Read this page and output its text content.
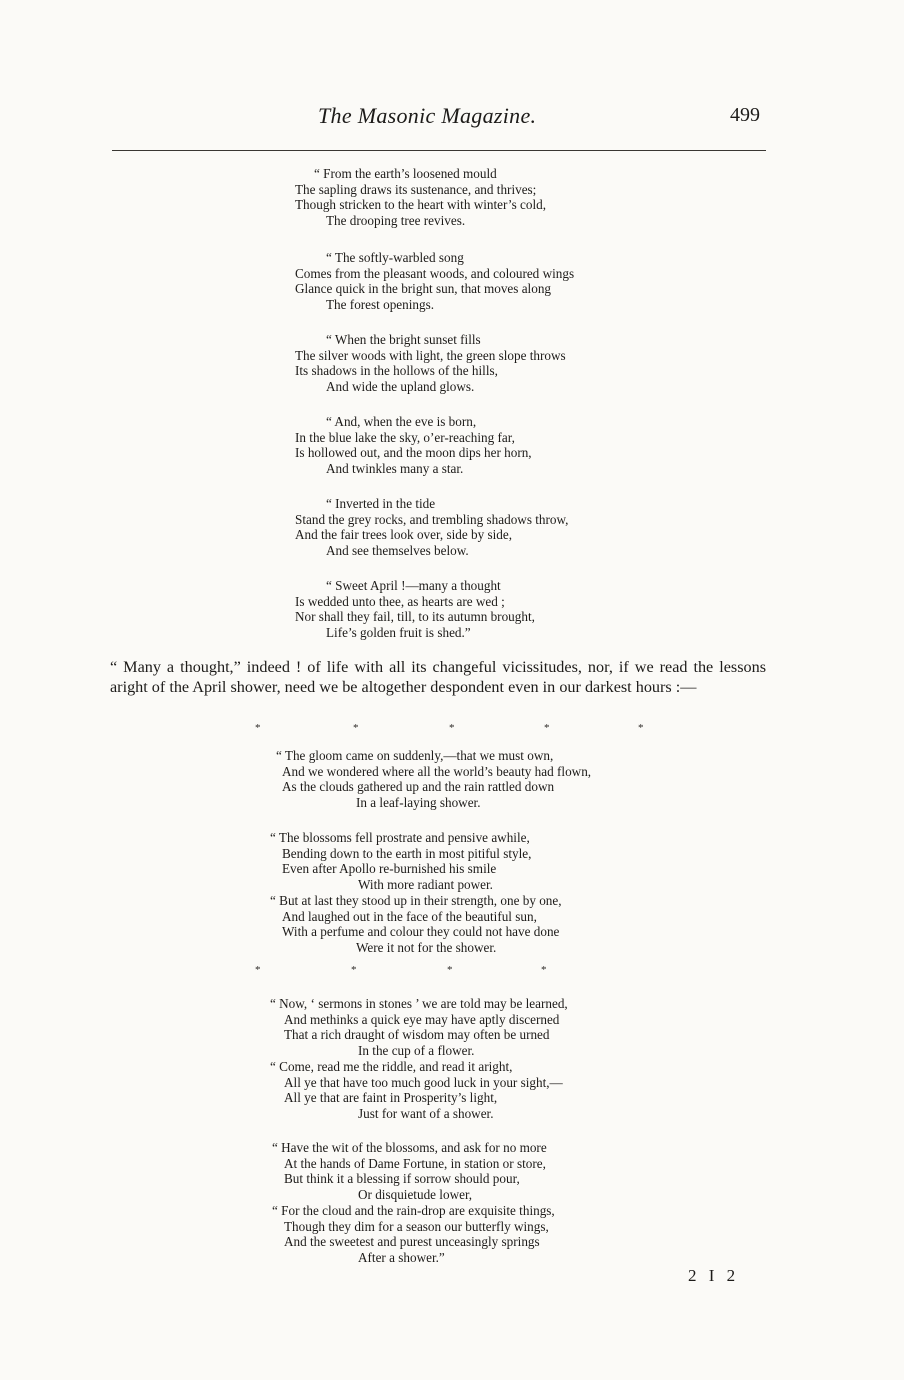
The Masonic Magazine.	499
“ From the earth’s loosened mould
The sapling draws its sustenance, and thrives;
Though stricken to the heart with winter’s cold,
The drooping tree revives.
“ The softly-warbled song
Comes from the pleasant woods, and coloured wings
Glance quick in the bright sun, that moves along
The forest openings.
“ When the bright sunset fills
The silver woods with light, the green slope throws
Its shadows in the hollows of the hills,
And wide the upland glows.
“ And, when the eve is born,
In the blue lake the sky, o’er-reaching far,
Is hollowed out, and the moon dips her horn,
And twinkles many a star.
“ Inverted in the tide
Stand the grey rocks, and trembling shadows throw,
And the fair trees look over, side by side,
And see themselves below.
“ Sweet April !—many a thought
Is wedded unto thee, as hearts are wed ;
Nor shall they fail, till, to its autumn brought,
Life’s golden fruit is shed.”
“ Many a thought,” indeed ! of life with all its changeful vicissitudes, nor, if we read the lessons aright of the April shower, need we be altogether despondent even in our darkest hours :—
*	*	*	*	*
“ The gloom came on suddenly,—that we must own,
And we wondered where all the world’s beauty had flown,
As the clouds gathered up and the rain rattled down
In a leaf-laying shower.
“ The blossoms fell prostrate and pensive awhile,
Bending down to the earth in most pitiful style,
Even after Apollo re-burnished his smile
With more radiant power.
“ But at last they stood up in their strength, one by one,
And laughed out in the face of the beautiful sun,
With a perfume and colour they could not have done
Were it not for the shower.
*	*	*	*
“ Now, ‘ sermons in stones ’ we are told may be learned,
And methinks a quick eye may have aptly discerned
That a rich draught of wisdom may often be urned
In the cup of a flower.
“ Come, read me the riddle, and read it aright,
All ye that have too much good luck in your sight,—
All ye that are faint in Prosperity’s light,
Just for want of a shower.
“ Have the wit of the blossoms, and ask for no more
At the hands of Dame Fortune, in station or store,
But think it a blessing if sorrow should pour,
Or disquietude lower,
“ For the cloud and the rain-drop are exquisite things,
Though they dim for a season our butterfly wings,
And the sweetest and purest unceasingly springs
After a shower.”
2 I 2
